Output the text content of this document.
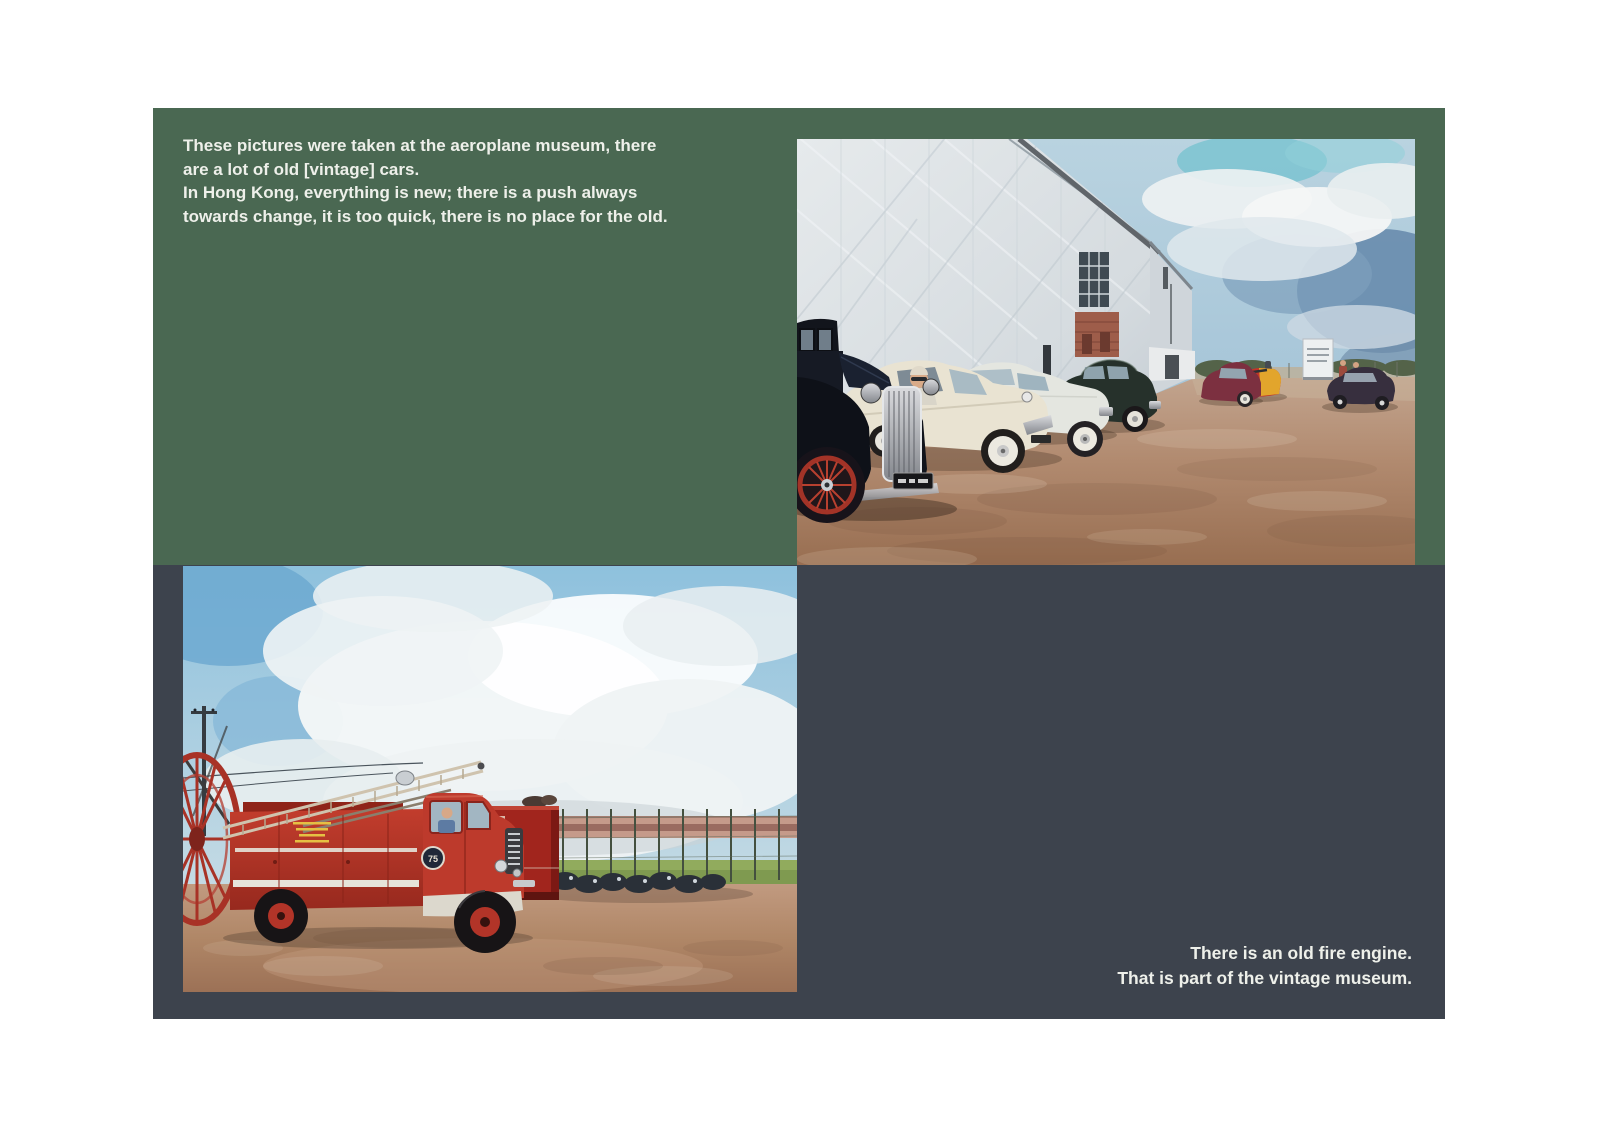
These pictures were taken at the aeroplane museum, there
are a lot of old [vintage] cars.
In Hong Kong, everything is new; there is a push always
towards change, it is too quick, there is no place for the old.

There is an old fire engine.
That is part of the vintage museum.

75
